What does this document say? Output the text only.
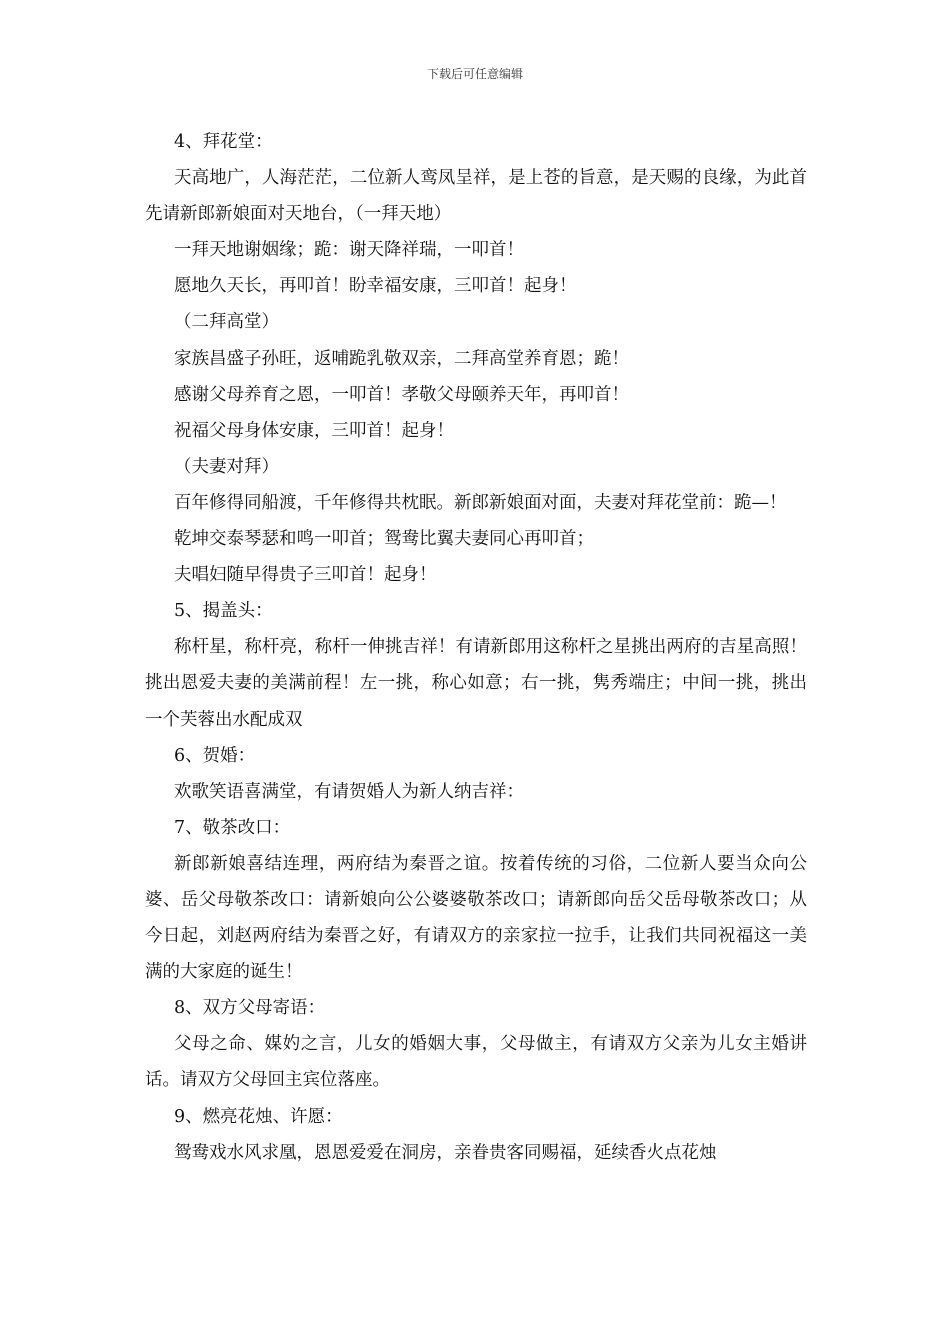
下载后可任意编辑

4、拜花堂：

天高地广，人海茫茫，二位新人鸾凤呈祥，是上苍的旨意，是天赐的良缘，为此首先请新郎新娘面对天地台，（一拜天地）

一拜天地谢姻缘；跪：谢天降祥瑞，一叩首！

愿地久天长，再叩首！盼幸福安康，三叩首！起身！

（二拜高堂）

家族昌盛子孙旺，返哺跪乳敬双亲，二拜高堂养育恩；跪！

感谢父母养育之恩，一叩首！孝敬父母颐养天年，再叩首！

祝福父母身体安康，三叩首！起身！

（夫妻对拜）

百年修得同船渡，千年修得共枕眠。新郎新娘面对面，夫妻对拜花堂前：跪—！

乾坤交泰琴瑟和鸣一叩首；鸳鸯比翼夫妻同心再叩首；

夫唱妇随早得贵子三叩首！起身！

5、揭盖头：

称杆星，称杆亮，称杆一伸挑吉祥！有请新郎用这称杆之星挑出两府的吉星高照！挑出恩爱夫妻的美满前程！左一挑，称心如意；右一挑，隽秀端庄；中间一挑，挑出一个芙蓉出水配成双

6、贺婚：

欢歌笑语喜满堂，有请贺婚人为新人纳吉祥：

7、敬茶改口：

新郎新娘喜结连理，两府结为秦晋之谊。按着传统的习俗，二位新人要当众向公婆、岳父母敬茶改口：请新娘向公公婆婆敬茶改口；请新郎向岳父岳母敬茶改口；从今日起，刘赵两府结为秦晋之好，有请双方的亲家拉一拉手，让我们共同祝福这一美满的大家庭的诞生！

8、双方父母寄语：

父母之命、媒妁之言，儿女的婚姻大事，父母做主，有请双方父亲为儿女主婚讲话。请双方父母回主宾位落座。

9、燃亮花烛、许愿：

鸳鸯戏水风求凰，恩恩爱爱在洞房，亲眷贵客同赐福，延续香火点花烛
